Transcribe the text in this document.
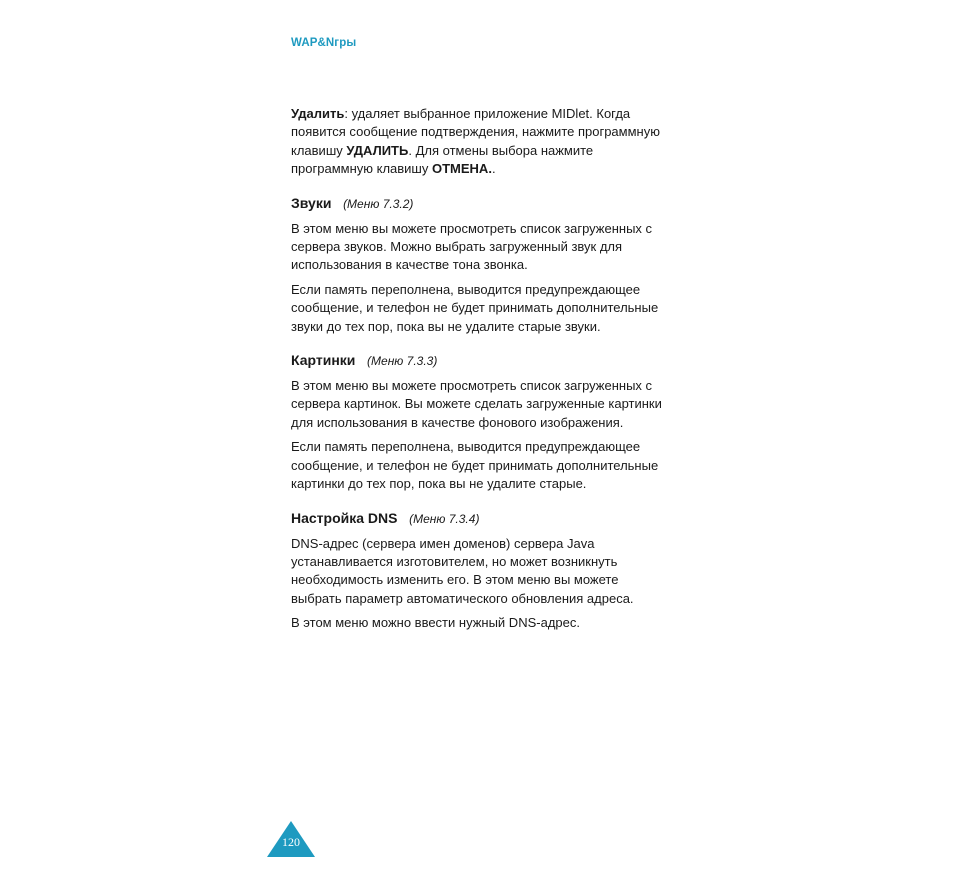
WAP&Nгры

Удалить: удаляет выбранное приложение MIDlet. Когда появится сообщение подтверждения, нажмите программную клавишу УДАЛИТЬ. Для отмены выбора нажмите программную клавишу ОТМЕНА..

Звуки (Меню 7.3.2)

В этом меню вы можете просмотреть список загруженных с сервера звуков. Можно выбрать загруженный звук для использования в качестве тона звонка.

Если память переполнена, выводится предупреждающее сообщение, и телефон не будет принимать дополнительные звуки до тех пор, пока вы не удалите старые звуки.

Картинки (Меню 7.3.3)

В этом меню вы можете просмотреть список загруженных с сервера картинок. Вы можете сделать загруженные картинки для использования в качестве фонового изображения.

Если память переполнена, выводится предупреждающее сообщение, и телефон не будет принимать дополнительные картинки до тех пор, пока вы не удалите старые.

Настройка DNS (Меню 7.3.4)

DNS-адрес (сервера имен доменов) сервера Java устанавливается изготовителем, но может возникнуть необходимость изменить его. В этом меню вы можете выбрать параметр автоматического обновления адреса.

В этом меню можно ввести нужный DNS-адрес.

120
